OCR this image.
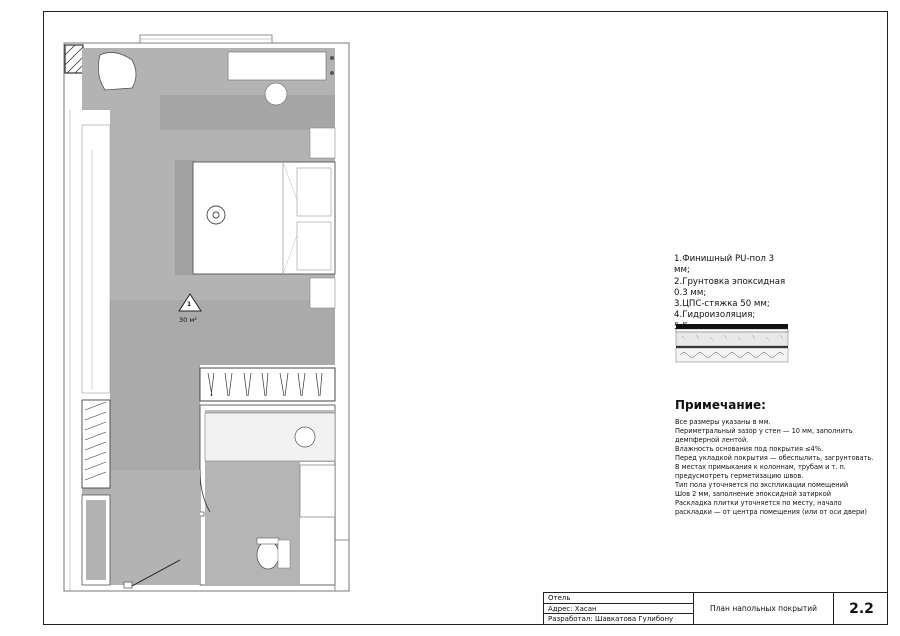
30 м²
1
1.Финишный PU-пол 3 мм;
2.Грунтовка эпоксидная 0.3 мм;
3.ЦПС-стяжка 50 мм;
4.Гидроизоляция;
5.Бетонное основание.
Примечание:
Все размеры указаны в мм.
Периметральный зазор у стен — 10 мм, заполнить
демпферной лентой.
Влажность основания под покрытия ≤4%.
Перед укладкой покрытия — обеспылить, загрунтовать.
В местах примыкания к колоннам, трубам и т. п.
предусмотреть герметизацию швов.
Тип пола уточняется по экспликации помещений
Шов 2 мм, заполнение эпоксидной затиркой
Раскладка плитки уточняется по месту, начало
раскладки — от центра помещения (или от оси двери)
Отель
Адрес: Хасан
Разработал: Шавкатова Гулибону
План напольных покрытий	2.2
